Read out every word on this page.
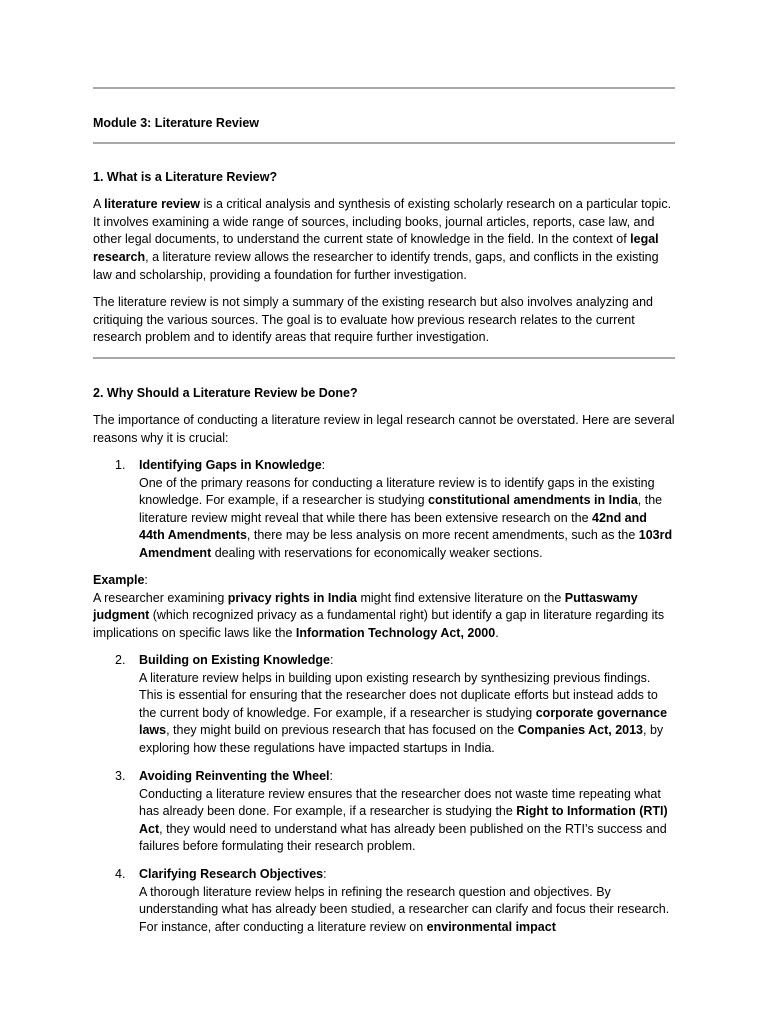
Module 3: Literature Review
1. What is a Literature Review?
A literature review is a critical analysis and synthesis of existing scholarly research on a particular topic. It involves examining a wide range of sources, including books, journal articles, reports, case law, and other legal documents, to understand the current state of knowledge in the field. In the context of legal research, a literature review allows the researcher to identify trends, gaps, and conflicts in the existing law and scholarship, providing a foundation for further investigation.
The literature review is not simply a summary of the existing research but also involves analyzing and critiquing the various sources. The goal is to evaluate how previous research relates to the current research problem and to identify areas that require further investigation.
2. Why Should a Literature Review be Done?
The importance of conducting a literature review in legal research cannot be overstated. Here are several reasons why it is crucial:
1.	Identifying Gaps in Knowledge:
One of the primary reasons for conducting a literature review is to identify gaps in the existing knowledge. For example, if a researcher is studying constitutional amendments in India, the literature review might reveal that while there has been extensive research on the 42nd and 44th Amendments, there may be less analysis on more recent amendments, such as the 103rd Amendment dealing with reservations for economically weaker sections.
Example:
A researcher examining privacy rights in India might find extensive literature on the Puttaswamy judgment (which recognized privacy as a fundamental right) but identify a gap in literature regarding its implications on specific laws like the Information Technology Act, 2000.
2.	Building on Existing Knowledge:
A literature review helps in building upon existing research by synthesizing previous findings. This is essential for ensuring that the researcher does not duplicate efforts but instead adds to the current body of knowledge. For example, if a researcher is studying corporate governance laws, they might build on previous research that has focused on the Companies Act, 2013, by exploring how these regulations have impacted startups in India.
3.	Avoiding Reinventing the Wheel:
Conducting a literature review ensures that the researcher does not waste time repeating what has already been done. For example, if a researcher is studying the Right to Information (RTI) Act, they would need to understand what has already been published on the RTI’s success and failures before formulating their research problem.
4.	Clarifying Research Objectives:
A thorough literature review helps in refining the research question and objectives. By understanding what has already been studied, a researcher can clarify and focus their research. For instance, after conducting a literature review on environmental impact
